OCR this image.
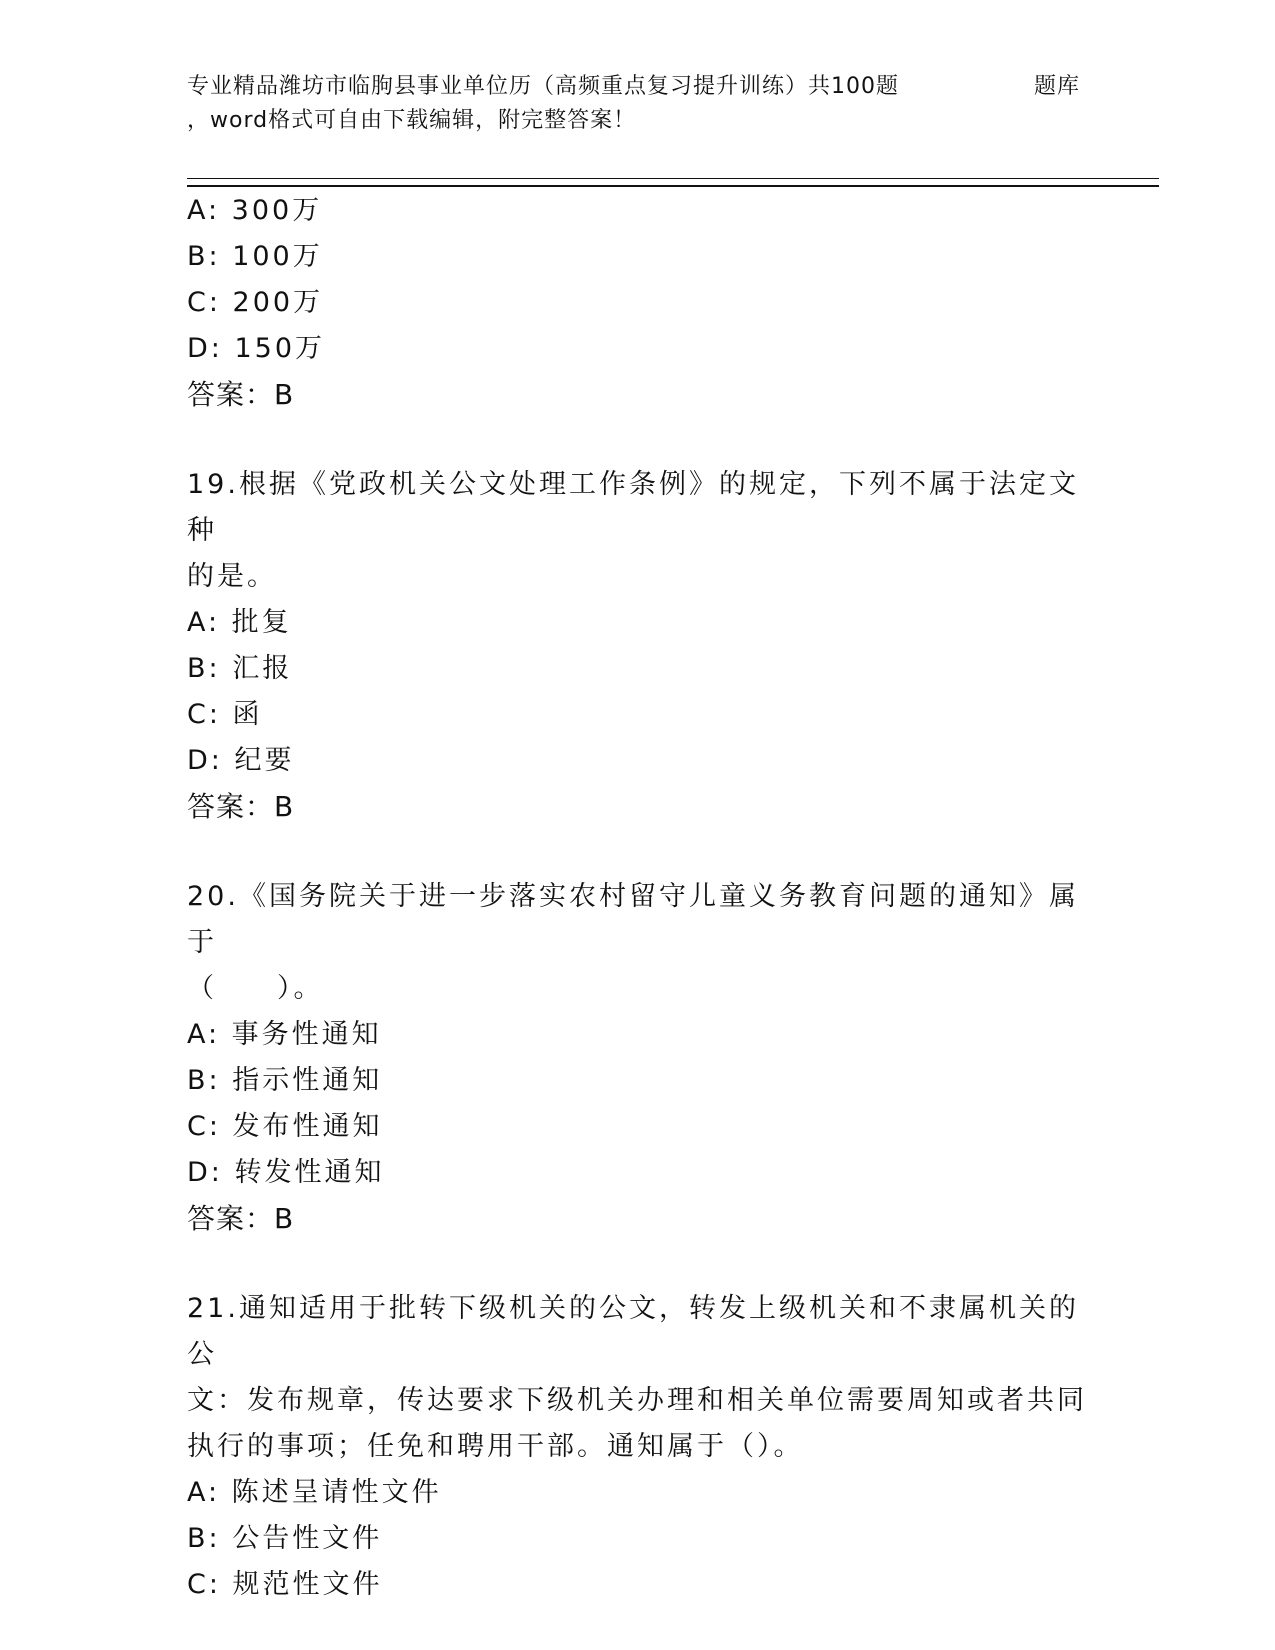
专业精品潍坊市临朐县事业单位历（高频重点复习提升训练）共100题	题库
，word格式可自由下载编辑，附完整答案！
A: 300万
B: 100万
C: 200万
D: 150万
答案：B
19.根据《党政机关公文处理工作条例》的规定，下列不属于法定文种
的是。
A: 批复
B: 汇报
C: 函
D: 纪要
答案：B
20.《国务院关于进一步落实农村留守儿童义务教育问题的通知》属于
（　　）。
A: 事务性通知
B: 指示性通知
C: 发布性通知
D: 转发性通知
答案：B
21.通知适用于批转下级机关的公文，转发上级机关和不隶属机关的公
文：发布规章，传达要求下级机关办理和相关单位需要周知或者共同
执行的事项；任免和聘用干部。通知属于（）。
A: 陈述呈请性文件
B: 公告性文件
C: 规范性文件
